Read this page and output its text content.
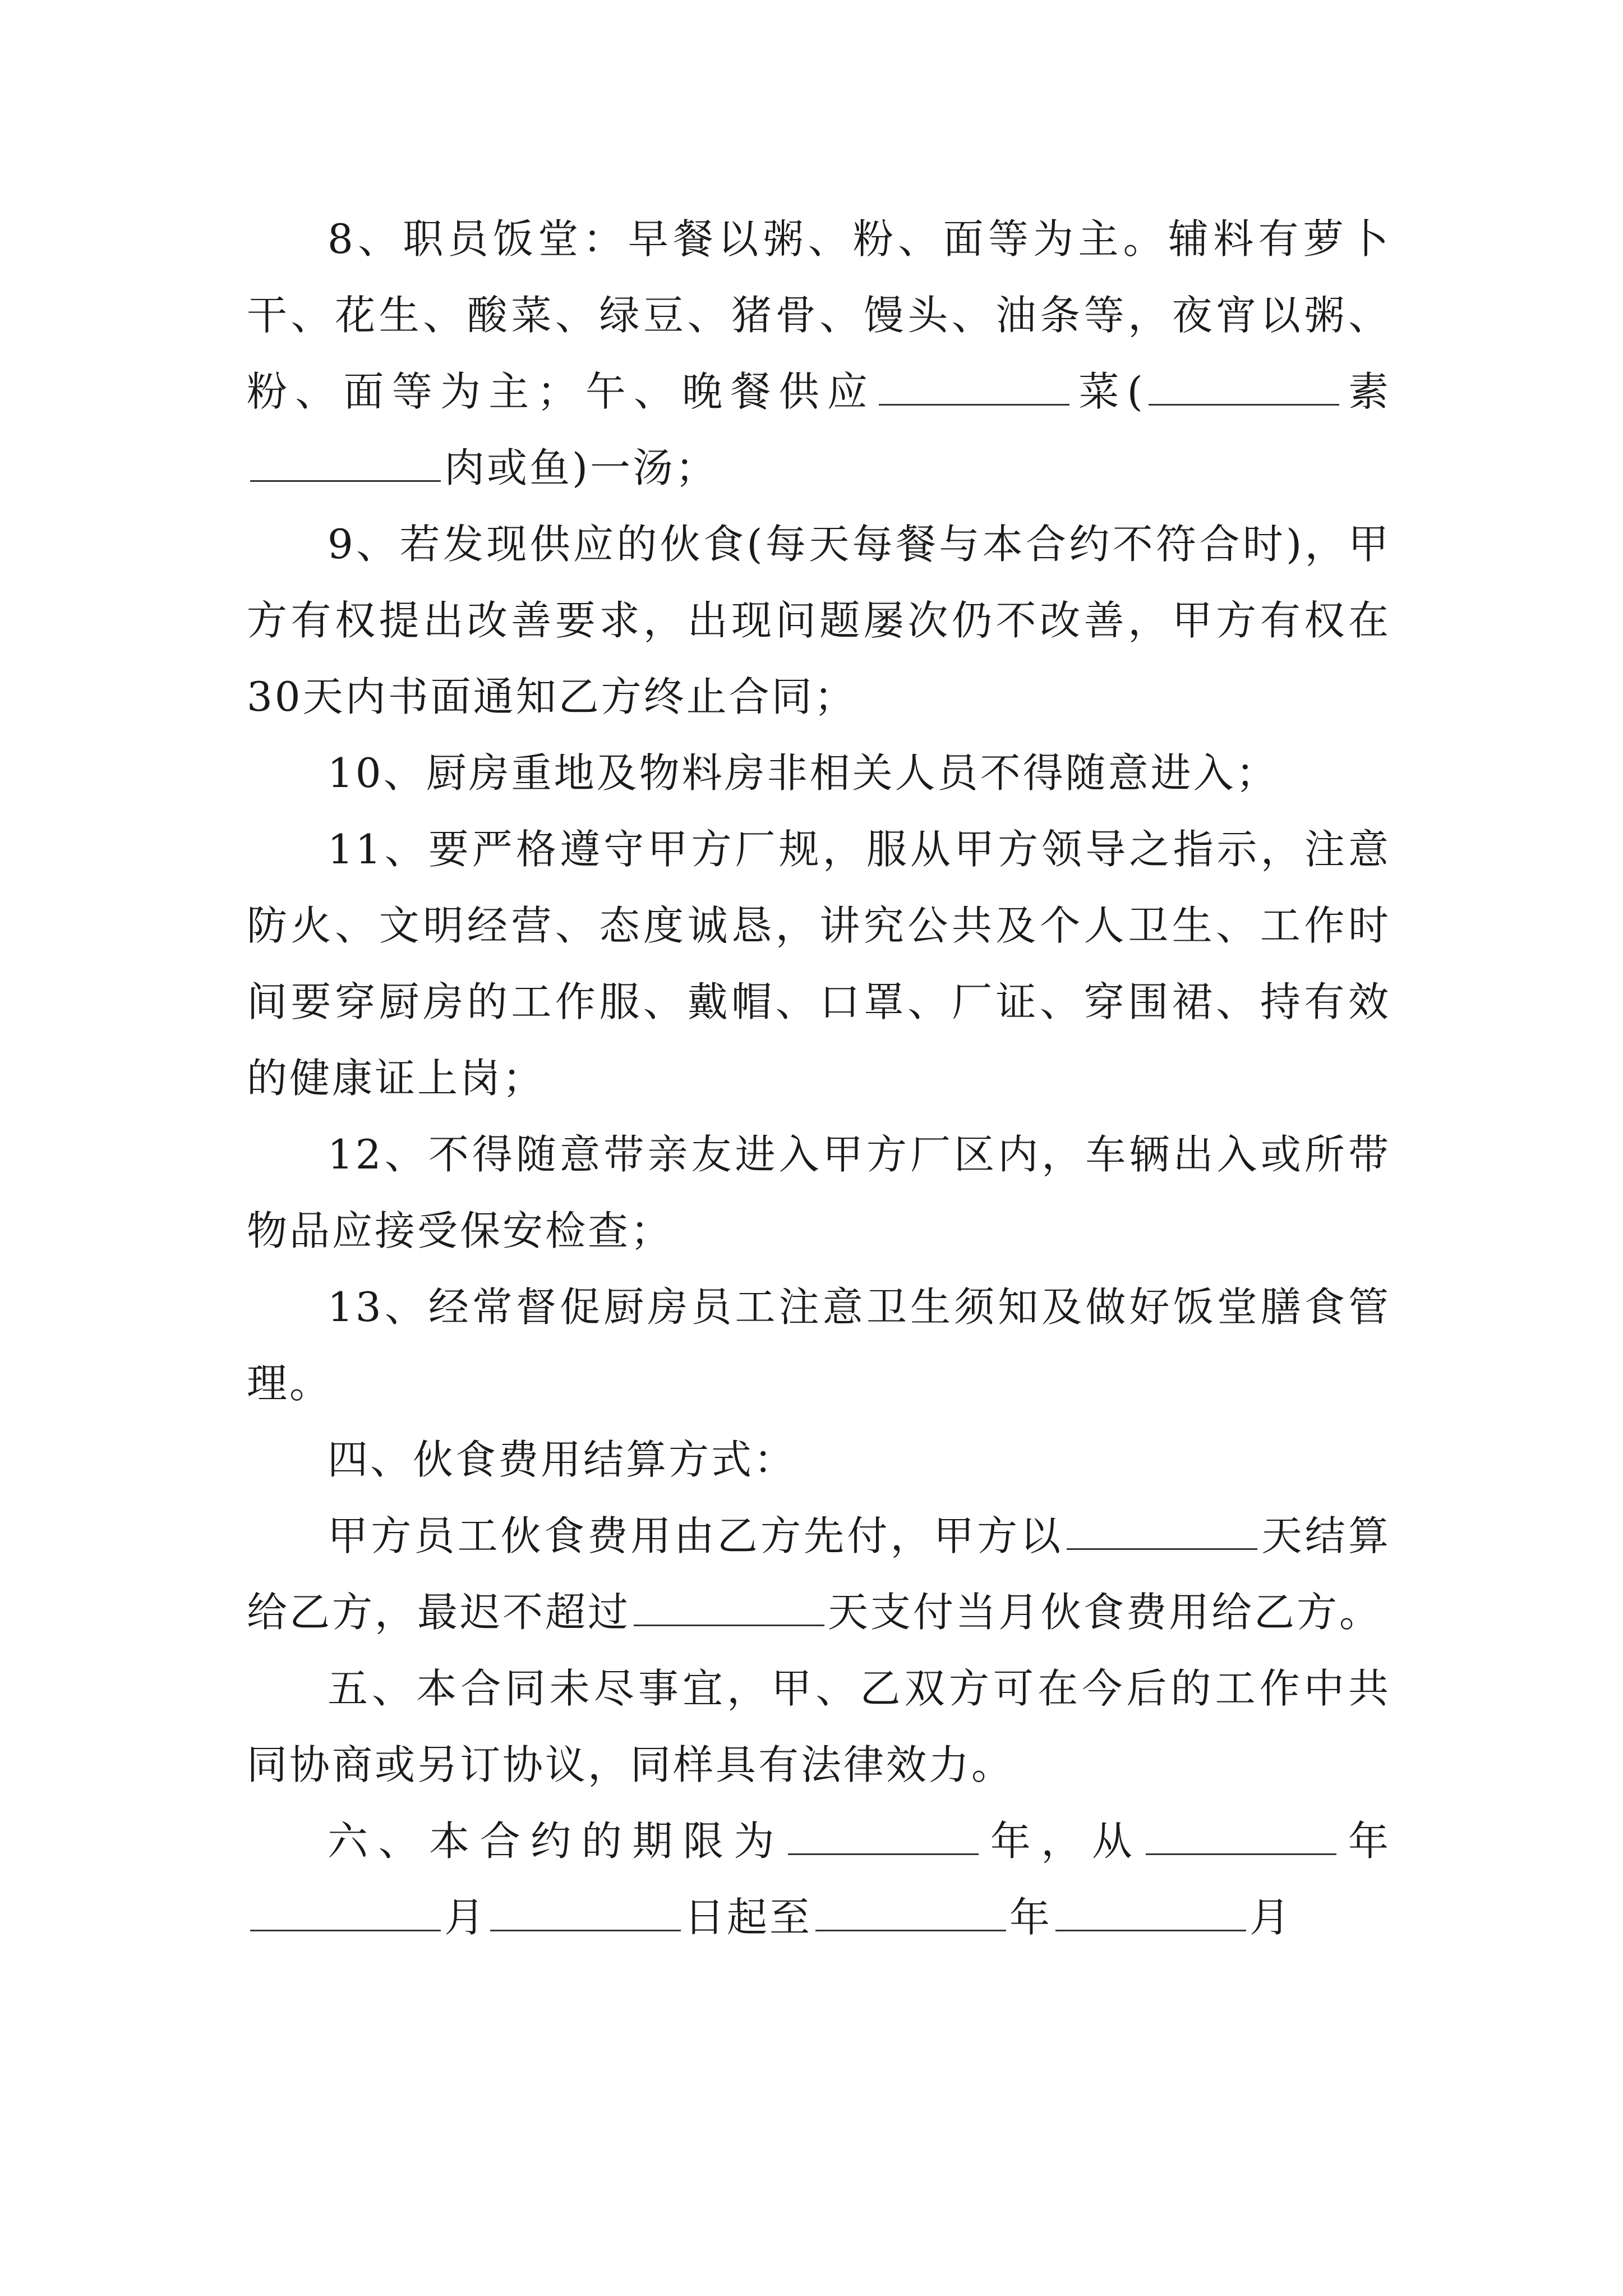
8、职员饭堂：早餐以粥、粉、面等为主。辅料有萝卜干、花生、酸菜、绿豆、猪骨、馒头、油条等，夜宵以粥、粉、面等为主；午、晚餐供应	菜(	素肉或鱼)一汤；

9、若发现供应的伙食(每天每餐与本合约不符合时)，甲方有权提出改善要求，出现问题屡次仍不改善，甲方有权在30天内书面通知乙方终止合同；

10、厨房重地及物料房非相关人员不得随意进入；

11、要严格遵守甲方厂规，服从甲方领导之指示，注意防火、文明经营、态度诚恳，讲究公共及个人卫生、工作时间要穿厨房的工作服、戴帽、口罩、厂证、穿围裙、持有效的健康证上岗；

12、不得随意带亲友进入甲方厂区内，车辆出入或所带物品应接受保安检查；

13、经常督促厨房员工注意卫生须知及做好饭堂膳食管理。

四、伙食费用结算方式：

甲方员工伙食费用由乙方先付，甲方以	天结算给乙方，最迟不超过	天支付当月伙食费用给乙方。

五、本合同未尽事宜，甲、乙双方可在今后的工作中共同协商或另订协议，同样具有法律效力。

六、本合约的期限为	年，从	年月	日起至	年	月
